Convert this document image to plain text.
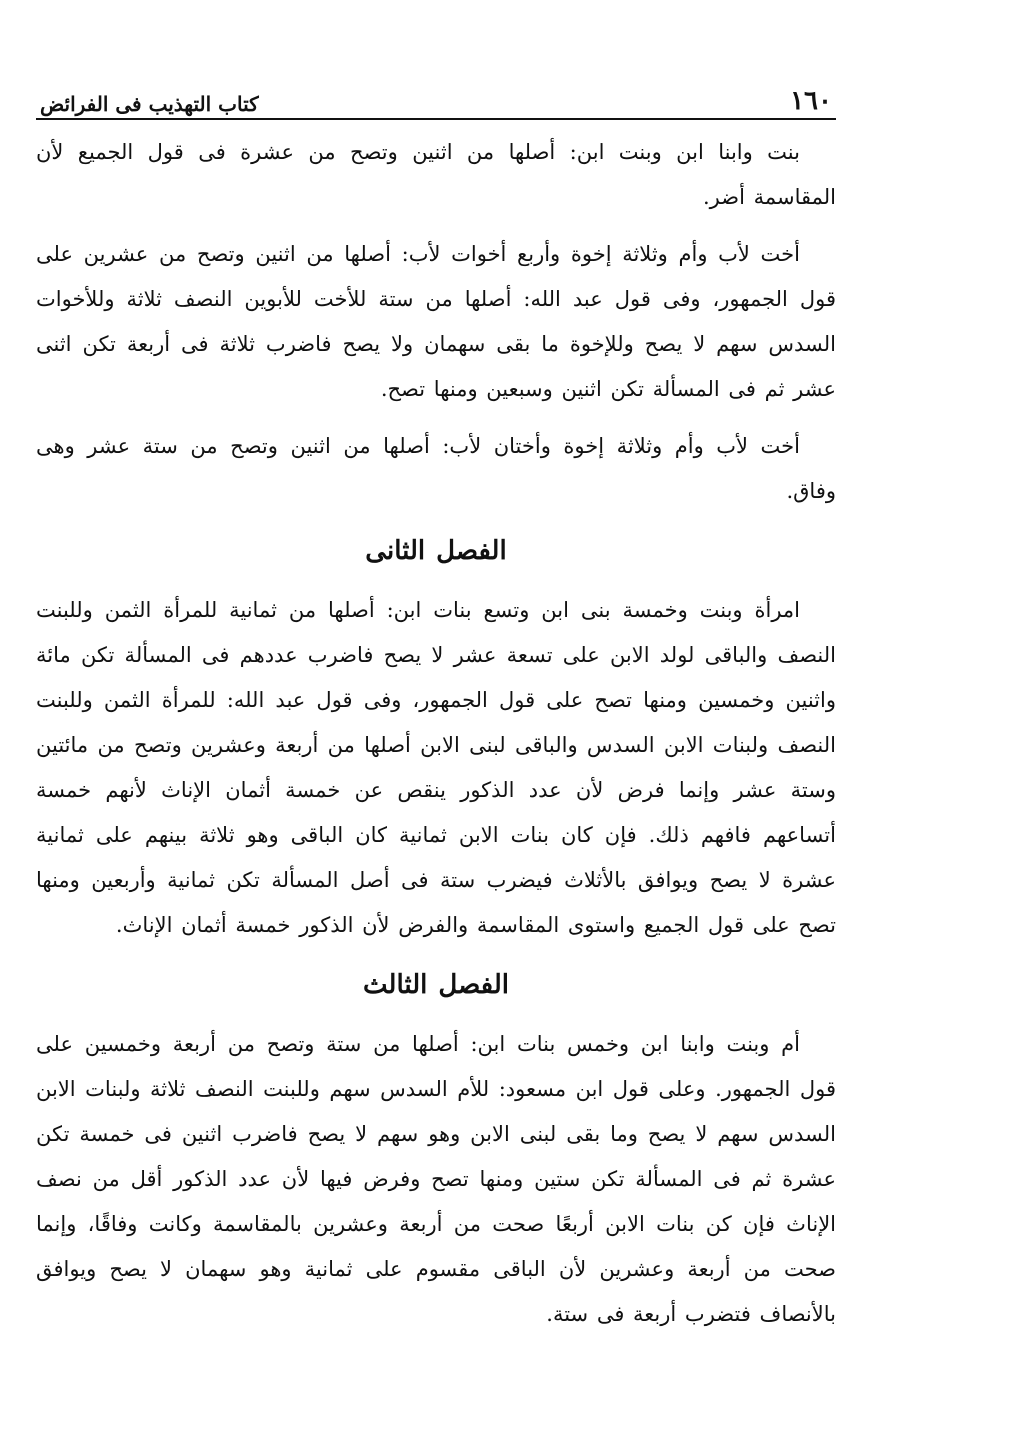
١٦٠
كتاب التهذيب فى الفرائض

بنت وابنا ابن وبنت ابن: أصلها من اثنين وتصح من عشرة فى قول الجميع لأن المقاسمة أضر.

أخت لأب وأم وثلاثة إخوة وأربع أخوات لأب: أصلها من اثنين وتصح من عشرين على قول الجمهور، وفى قول عبد الله: أصلها من ستة للأخت للأبوين النصف ثلاثة وللأخوات السدس سهم لا يصح وللإخوة ما بقى سهمان ولا يصح فاضرب ثلاثة فى أربعة تكن اثنى عشر ثم فى المسألة تكن اثنين وسبعين ومنها تصح.

أخت لأب وأم وثلاثة إخوة وأختان لأب: أصلها من اثنين وتصح من ستة عشر وهى وفاق.

الفصل الثانى

امرأة وبنت وخمسة بنى ابن وتسع بنات ابن: أصلها من ثمانية للمرأة الثمن وللبنت النصف والباقى لولد الابن على تسعة عشر لا يصح فاضرب عددهم فى المسألة تكن مائة واثنين وخمسين ومنها تصح على قول الجمهور، وفى قول عبد الله: للمرأة الثمن وللبنت النصف ولبنات الابن السدس والباقى لبنى الابن أصلها من أربعة وعشرين وتصح من مائتين وستة عشر وإنما فرض لأن عدد الذكور ينقص عن خمسة أثمان الإناث لأنهم خمسة أتساعهم فافهم ذلك. فإن كان بنات الابن ثمانية كان الباقى وهو ثلاثة بينهم على ثمانية عشرة لا يصح ويوافق بالأثلاث فيضرب ستة فى أصل المسألة تكن ثمانية وأربعين ومنها تصح على قول الجميع واستوى المقاسمة والفرض لأن الذكور خمسة أثمان الإناث.

الفصل الثالث

أم وبنت وابنا ابن وخمس بنات ابن: أصلها من ستة وتصح من أربعة وخمسين على قول الجمهور. وعلى قول ابن مسعود: للأم السدس سهم وللبنت النصف ثلاثة ولبنات الابن السدس سهم لا يصح وما بقى لبنى الابن وهو سهم لا يصح فاضرب اثنين فى خمسة تكن عشرة ثم فى المسألة تكن ستين ومنها تصح وفرض فيها لأن عدد الذكور أقل من نصف الإناث فإن كن بنات الابن أربعًا صحت من أربعة وعشرين بالمقاسمة وكانت وفاقًا، وإنما صحت من أربعة وعشرين لأن الباقى مقسوم على ثمانية وهو سهمان لا يصح ويوافق بالأنصاف فتضرب أربعة فى ستة.
